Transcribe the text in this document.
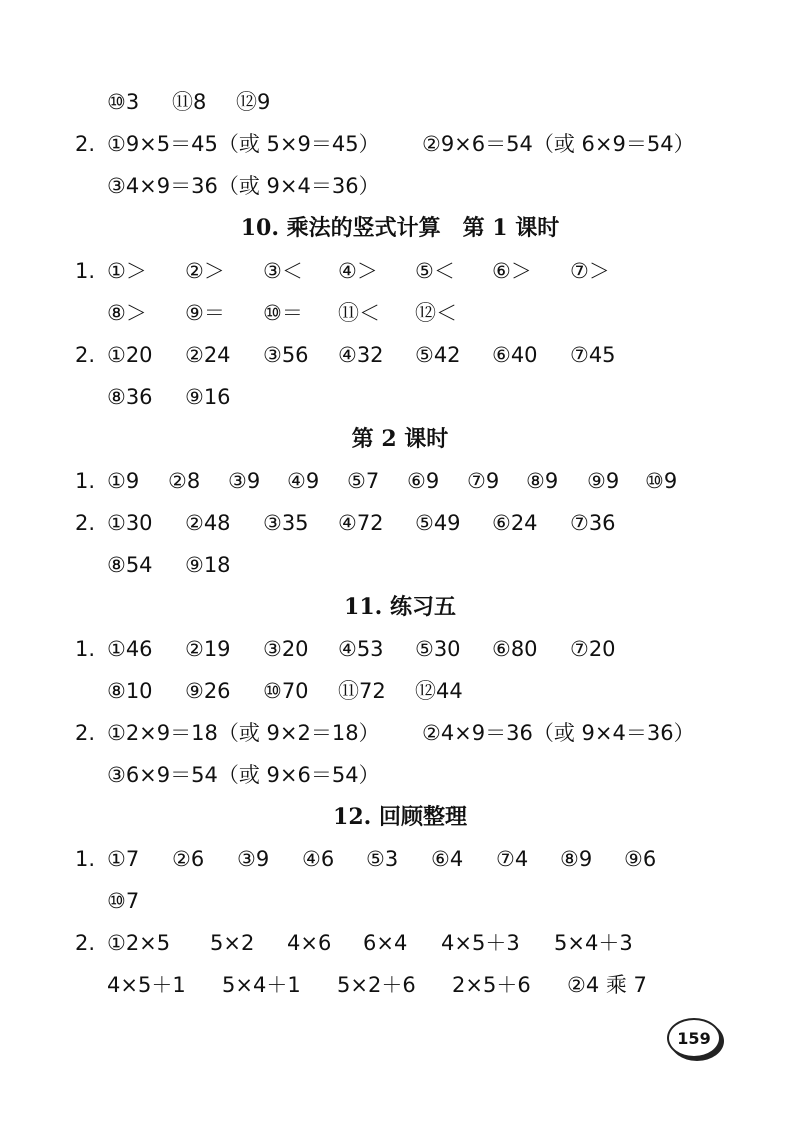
⑩3 ⑪8 ⑫9
2. ①9×5＝45（或 5×9＝45） ②9×6＝54（或 6×9＝54）
③4×9＝36（或 9×4＝36）
10. 乘法的竖式计算　第 1 课时
1. ①＞ ②＞ ③＜ ④＞ ⑤＜ ⑥＞ ⑦＞
⑧＞ ⑨＝ ⑩＝ ⑪＜ ⑫＜
2. ①20 ②24 ③56 ④32 ⑤42 ⑥40 ⑦45
⑧36 ⑨16
第 2 课时
1. ①9 ②8 ③9 ④9 ⑤7 ⑥9 ⑦9 ⑧9 ⑨9 ⑩9
2. ①30 ②48 ③35 ④72 ⑤49 ⑥24 ⑦36
⑧54 ⑨18
11. 练习五
1. ①46 ②19 ③20 ④53 ⑤30 ⑥80 ⑦20
⑧10 ⑨26 ⑩70 ⑪72 ⑫44
2. ①2×9＝18（或 9×2＝18） ②4×9＝36（或 9×4＝36）
③6×9＝54（或 9×6＝54）
12. 回顾整理
1. ①7 ②6 ③9 ④6 ⑤3 ⑥4 ⑦4 ⑧9 ⑨6
⑩7
2. ①2×5 5×2 4×6 6×4 4×5＋3 5×4＋3
4×5＋1 5×4＋1 5×2＋6 2×5＋6 ②4 乘 7
159
